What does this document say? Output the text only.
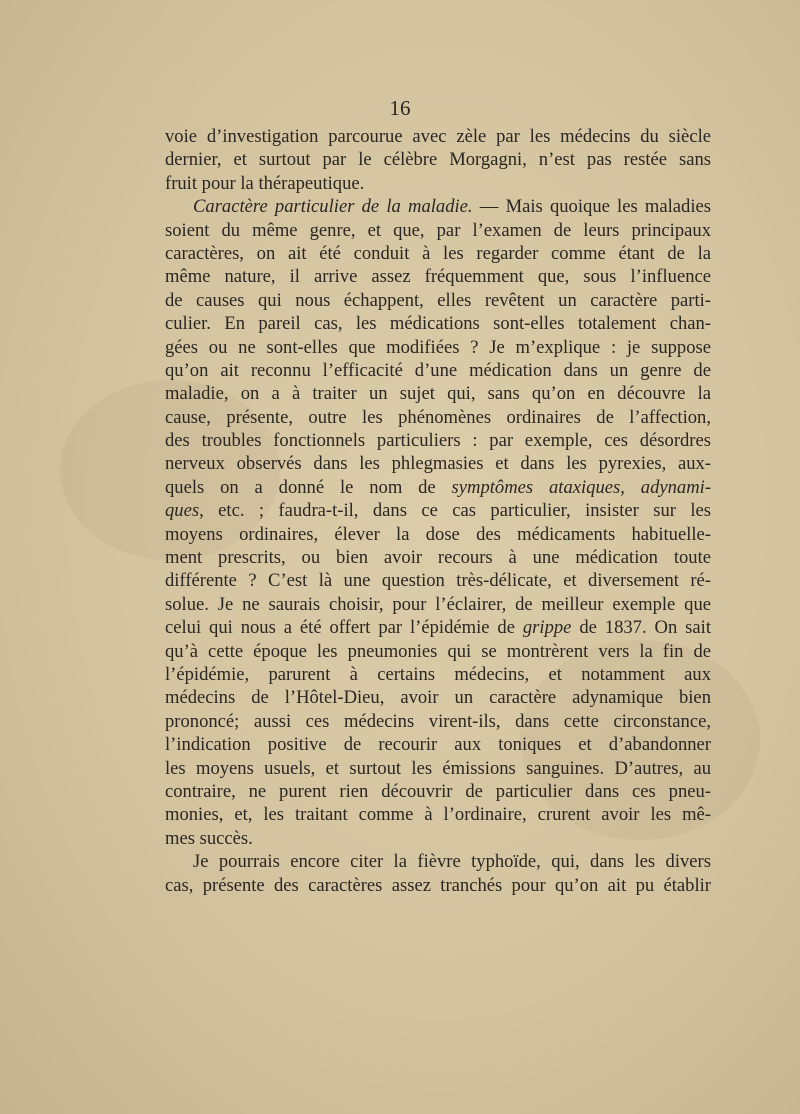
16
voie d’investigation parcourue avec zèle par les médecins du siècle
dernier, et surtout par le célèbre Morgagni, n’est pas restée sans
fruit pour la thérapeutique.
Caractère particulier de la maladie. — Mais quoique les maladies
soient du même genre, et que, par l’examen de leurs principaux
caractères, on ait été conduit à les regarder comme étant de la
même nature, il arrive assez fréquemment que, sous l’influence
de causes qui nous échappent, elles revêtent un caractère parti-
culier. En pareil cas, les médications sont-elles totalement chan-
gées ou ne sont-elles que modifiées ? Je m’explique : je suppose
qu’on ait reconnu l’efficacité d’une médication dans un genre de
maladie, on a à traiter un sujet qui, sans qu’on en découvre la
cause, présente, outre les phénomènes ordinaires de l’affection,
des troubles fonctionnels particuliers : par exemple, ces désordres
nerveux observés dans les phlegmasies et dans les pyrexies, aux-
quels on a donné le nom de symptômes ataxiques, adynami-
ques, etc. ; faudra-t-il, dans ce cas particulier, insister sur les
moyens ordinaires, élever la dose des médicaments habituelle-
ment prescrits, ou bien avoir recours à une médication toute
différente ? C’est là une question très-délicate, et diversement ré-
solue. Je ne saurais choisir, pour l’éclairer, de meilleur exemple que
celui qui nous a été offert par l’épidémie de grippe de 1837. On sait
qu’à cette époque les pneumonies qui se montrèrent vers la fin de
l’épidémie, parurent à certains médecins, et notamment aux
médecins de l’Hôtel-Dieu, avoir un caractère adynamique bien
prononcé; aussi ces médecins virent-ils, dans cette circonstance,
l’indication positive de recourir aux toniques et d’abandonner
les moyens usuels, et surtout les émissions sanguines. D’autres, au
contraire, ne purent rien découvrir de particulier dans ces pneu-
monies, et, les traitant comme à l’ordinaire, crurent avoir les mê-
mes succès.
Je pourrais encore citer la fièvre typhoïde, qui, dans les divers
cas, présente des caractères assez tranchés pour qu’on ait pu établir
